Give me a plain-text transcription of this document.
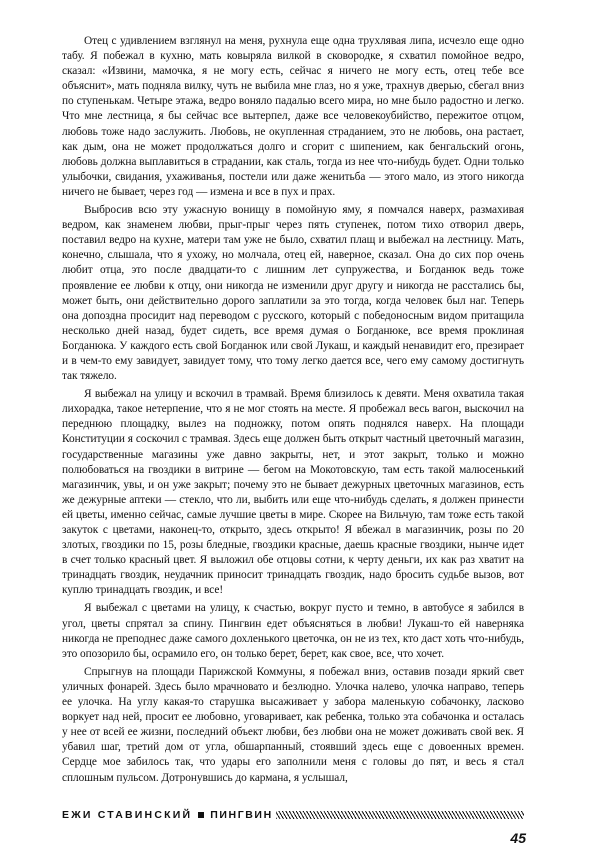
Отец с удивлением взглянул на меня, рухнула еще одна трухлявая липа, исчезло еще одно табу. Я побежал в кухню, мать ковыряла вилкой в сковородке, я схватил помойное ведро, сказал: «Извини, мамочка, я не могу есть, сейчас я ничего не могу есть, отец тебе все объяснит», мать подняла вилку, чуть не выбила мне глаз, но я уже, трахнув дверью, сбегал вниз по ступенькам. Четыре этажа, ведро воняло падалью всего мира, но мне было радостно и легко. Что мне лестница, я бы сейчас все вытерпел, даже все человекоубийство, пережитое отцом, любовь тоже надо заслужить. Любовь, не окупленная страданием, это не любовь, она растает, как дым, она не может продолжаться долго и сгорит с шипением, как бенгальский огонь, любовь должна выплавиться в страдании, как сталь, тогда из нее что-нибудь будет. Одни только улыбочки, свидания, ухаживанья, постели или даже женитьба — этого мало, из этого никогда ничего не бывает, через год — измена и все в пух и прах.

Выбросив всю эту ужасную вонищу в помойную яму, я помчался наверх, размахивая ведром, как знаменем любви, прыг-прыг через пять ступенек, потом тихо отворил дверь, поставил ведро на кухне, матери там уже не было, схватил плащ и выбежал на лестницу. Мать, конечно, слышала, что я ухожу, но молчала, отец ей, наверное, сказал. Она до сих пор очень любит отца, это после двадцати-то с лишним лет супружества, и Богданюк ведь тоже проявление ее любви к отцу, они никогда не изменили друг другу и никогда не расстались бы, может быть, они действительно дорого заплатили за это тогда, когда человек был наг. Теперь она допоздна просидит над переводом с русского, который с победоносным видом притащила несколько дней назад, будет сидеть, все время думая о Богданюке, все время проклиная Богданюка. У каждого есть свой Богданюк или свой Лукаш, и каждый ненавидит его, презирает и в чем-то ему завидует, завидует тому, что тому легко дается все, чего ему самому достигнуть так тяжело.

Я выбежал на улицу и вскочил в трамвай. Время близилось к девяти. Меня охватила такая лихорадка, такое нетерпение, что я не мог стоять на месте. Я пробежал весь вагон, выскочил на переднюю площадку, вылез на подножку, потом опять поднялся наверх. На площади Конституции я соскочил с трамвая. Здесь еще должен быть открыт частный цветочный магазин, государственные магазины уже давно закрыты, нет, и этот закрыт, только и можно полюбоваться на гвоздики в витрине — бегом на Мокотовскую, там есть такой малюсенький магазинчик, увы, и он уже закрыт; почему это не бывает дежурных цветочных магазинов, есть же дежурные аптеки — стекло, что ли, выбить или еще что-нибудь сделать, я должен принести ей цветы, именно сейчас, самые лучшие цветы в мире. Скорее на Вильчую, там тоже есть такой закуток с цветами, наконец-то, открыто, здесь открыто! Я вбежал в магазинчик, розы по 20 злотых, гвоздики по 15, розы бледные, гвоздики красные, даешь красные гвоздики, нынче идет в счет только красный цвет. Я выложил обе отцовы сотни, к черту деньги, их как раз хватит на тринадцать гвоздик, неудачник приносит тринадцать гвоздик, надо бросить судьбе вызов, вот куплю тринадцать гвоздик, и все!

Я выбежал с цветами на улицу, к счастью, вокруг пусто и темно, в автобусе я забился в угол, цветы спрятал за спину. Пингвин едет объясняться в любви! Лукаш-то ей наверняка никогда не преподнес даже самого дохленького цветочка, он не из тех, кто даст хоть что-нибудь, это опозорило бы, осрамило его, он только берет, берет, как свое, все, что хочет.

Спрыгнув на площади Парижской Коммуны, я побежал вниз, оставив позади яркий свет уличных фонарей. Здесь было мрачновато и безлюдно. Улочка налево, улочка направо, теперь ее улочка. На углу какая-то старушка высаживает у забора маленькую собачонку, ласково воркует над ней, просит ее любовно, уговаривает, как ребенка, только эта собачонка и осталась у нее от всей ее жизни, последний объект любви, без любви она не может доживать свой век. Я убавил шаг, третий дом от угла, обшарпанный, стоявший здесь еще с довоенных времен. Сердце мое забилось так, что удары его заполнили меня с головы до пят, и весь я стал сплошным пульсом. Дотронувшись до кармана, я услышал,

ЕЖИ СТАВИНСКИЙ ПИНГВИН
45
